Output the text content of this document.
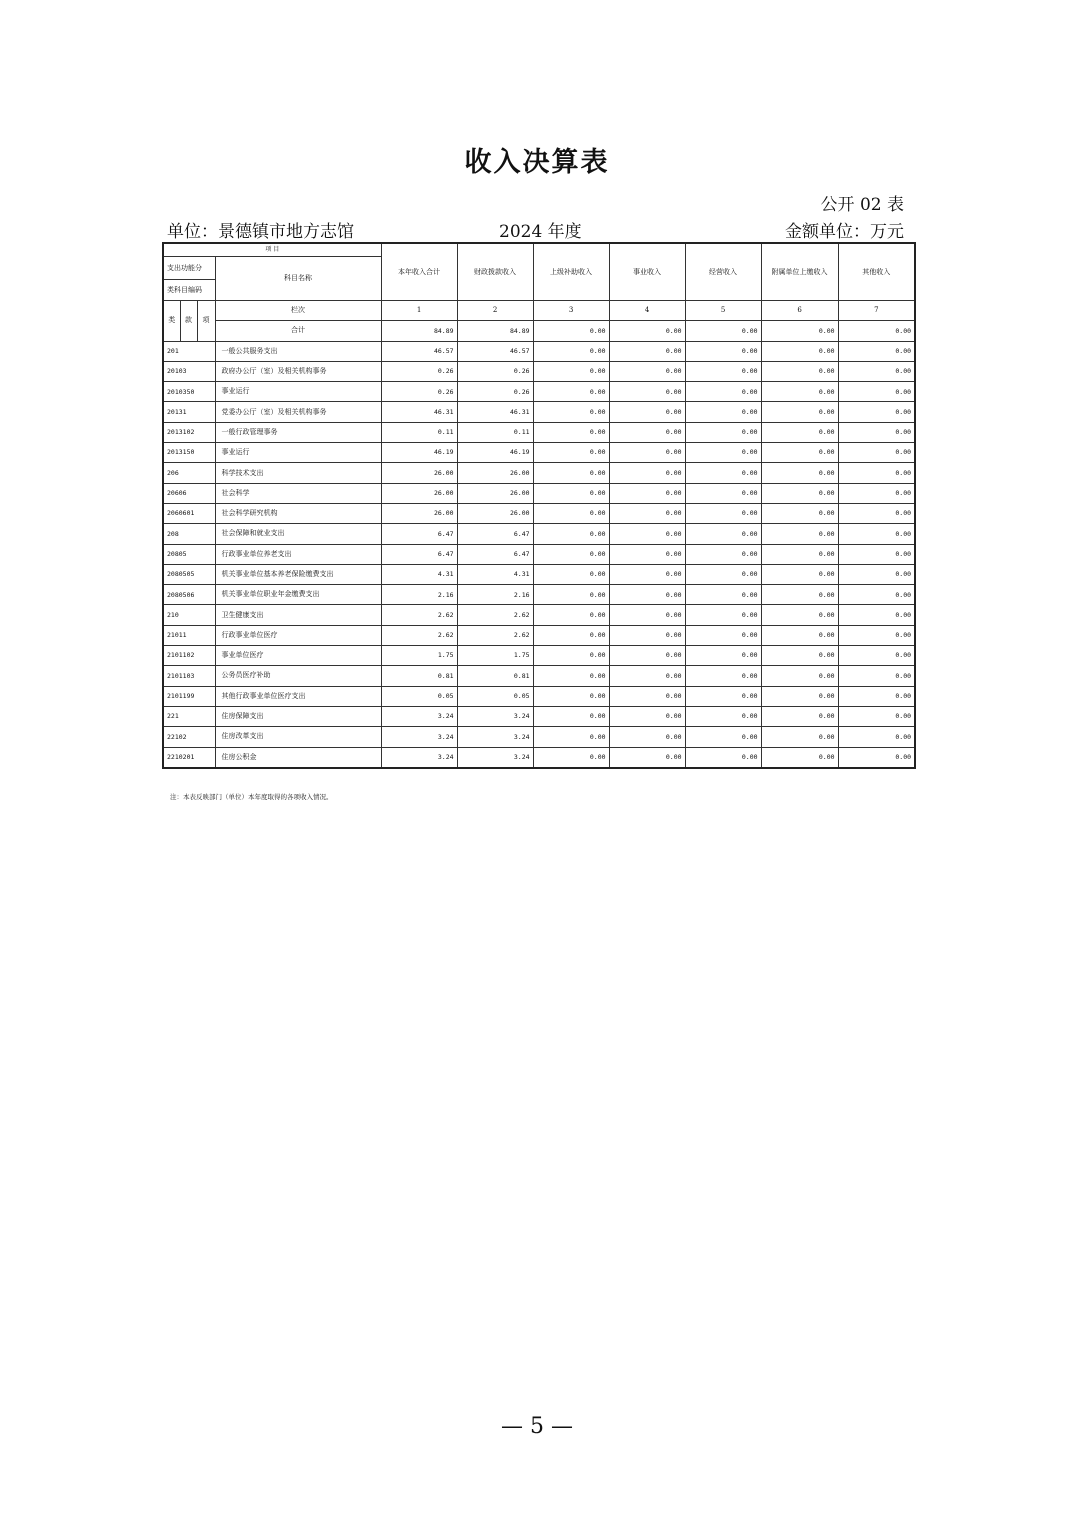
收入决算表
公开 02 表
单位：景德镇市地方志馆	2024 年度	金额单位：万元
项 目				本年收入合计	财政拨款收入	上级补助收入	事业收入	经营收入	附属单位上缴收入	其他收入
支出功能分			科目名称							
类科目编码										
类	款	项	栏次	1	2	3	4	5	6	7
			合计	84.89	84.89	0.00	0.00	0.00	0.00	0.00
201			一般公共服务支出	46.57	46.57	0.00	0.00	0.00	0.00	0.00
20103			政府办公厅（室）及相关机构事务	0.26	0.26	0.00	0.00	0.00	0.00	0.00
2010350			事业运行	0.26	0.26	0.00	0.00	0.00	0.00	0.00
20131			党委办公厅（室）及相关机构事务	46.31	46.31	0.00	0.00	0.00	0.00	0.00
2013102			一般行政管理事务	0.11	0.11	0.00	0.00	0.00	0.00	0.00
2013150			事业运行	46.19	46.19	0.00	0.00	0.00	0.00	0.00
206			科学技术支出	26.00	26.00	0.00	0.00	0.00	0.00	0.00
20606			社会科学	26.00	26.00	0.00	0.00	0.00	0.00	0.00
2060601			社会科学研究机构	26.00	26.00	0.00	0.00	0.00	0.00	0.00
208			社会保障和就业支出	6.47	6.47	0.00	0.00	0.00	0.00	0.00
20805			行政事业单位养老支出	6.47	6.47	0.00	0.00	0.00	0.00	0.00
2080505			机关事业单位基本养老保险缴费支出	4.31	4.31	0.00	0.00	0.00	0.00	0.00
2080506			机关事业单位职业年金缴费支出	2.16	2.16	0.00	0.00	0.00	0.00	0.00
210			卫生健康支出	2.62	2.62	0.00	0.00	0.00	0.00	0.00
21011			行政事业单位医疗	2.62	2.62	0.00	0.00	0.00	0.00	0.00
2101102			事业单位医疗	1.75	1.75	0.00	0.00	0.00	0.00	0.00
2101103			公务员医疗补助	0.81	0.81	0.00	0.00	0.00	0.00	0.00
2101199			其他行政事业单位医疗支出	0.05	0.05	0.00	0.00	0.00	0.00	0.00
221			住房保障支出	3.24	3.24	0.00	0.00	0.00	0.00	0.00
22102			住房改革支出	3.24	3.24	0.00	0.00	0.00	0.00	0.00
2210201			住房公积金	3.24	3.24	0.00	0.00	0.00	0.00	0.00
注：本表反映部门（单位）本年度取得的各项收入情况。
— 5 —
